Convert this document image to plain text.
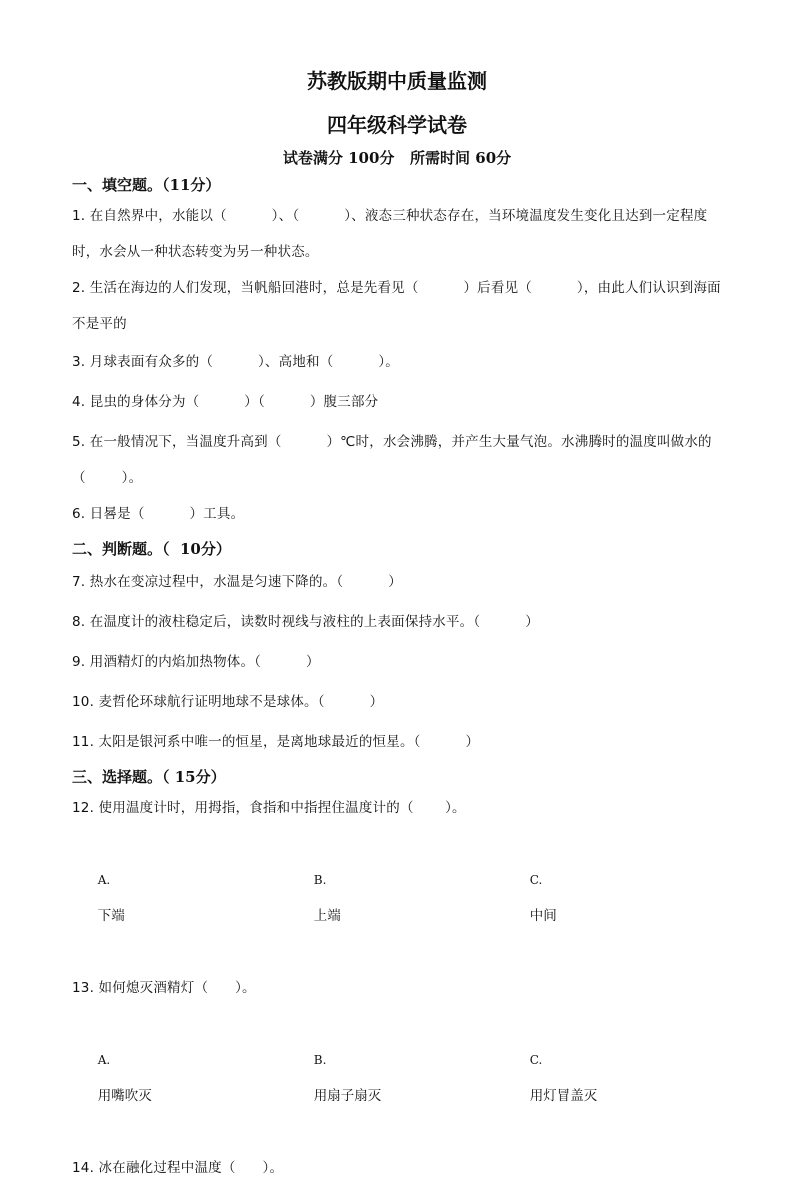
苏教版期中质量监测
四年级科学试卷
试卷满分 100分   所需时间 60分
一、填空题。（11分）

1. 在自然界中，水能以（          ）、（          ）、液态三种状态存在，当环境温度发生变化且达到一定程度时，水会从一种状态转变为另一种状态。

2. 生活在海边的人们发现，当帆船回港时，总是先看见（          ）后看见（          ），由此人们认识到海面不是平的

3. 月球表面有众多的（          ）、高地和（          ）。

4. 昆虫的身体分为（          ）（          ）腹三部分

5. 在一般情况下，当温度升高到（          ）℃时，水会沸腾，并产生大量气泡。水沸腾时的温度叫做水的（        ）。

6. 日晷是（          ）工具。

二、判断题。（  10分）

7. 热水在变凉过程中，水温是匀速下降的。（          ）

8. 在温度计的液柱稳定后，读数时视线与液柱的上表面保持水平。（          ）

9. 用酒精灯的内焰加热物体。（          ）

10. 麦哲伦环球航行证明地球不是球体。（          ）

11. 太阳是银河系中唯一的恒星，是离地球最近的恒星。（          ）

三、选择题。（ 15分）

12. 使用温度计时，用拇指，食指和中指捏住温度计的（       ）。

A.
下端

B.
上端

C.
中间

13. 如何熄灭酒精灯（      ）。

A.
用嘴吹灭

B.
用扇子扇灭

C.
用灯冒盖灭

14. 冰在融化过程中温度（      ）。
